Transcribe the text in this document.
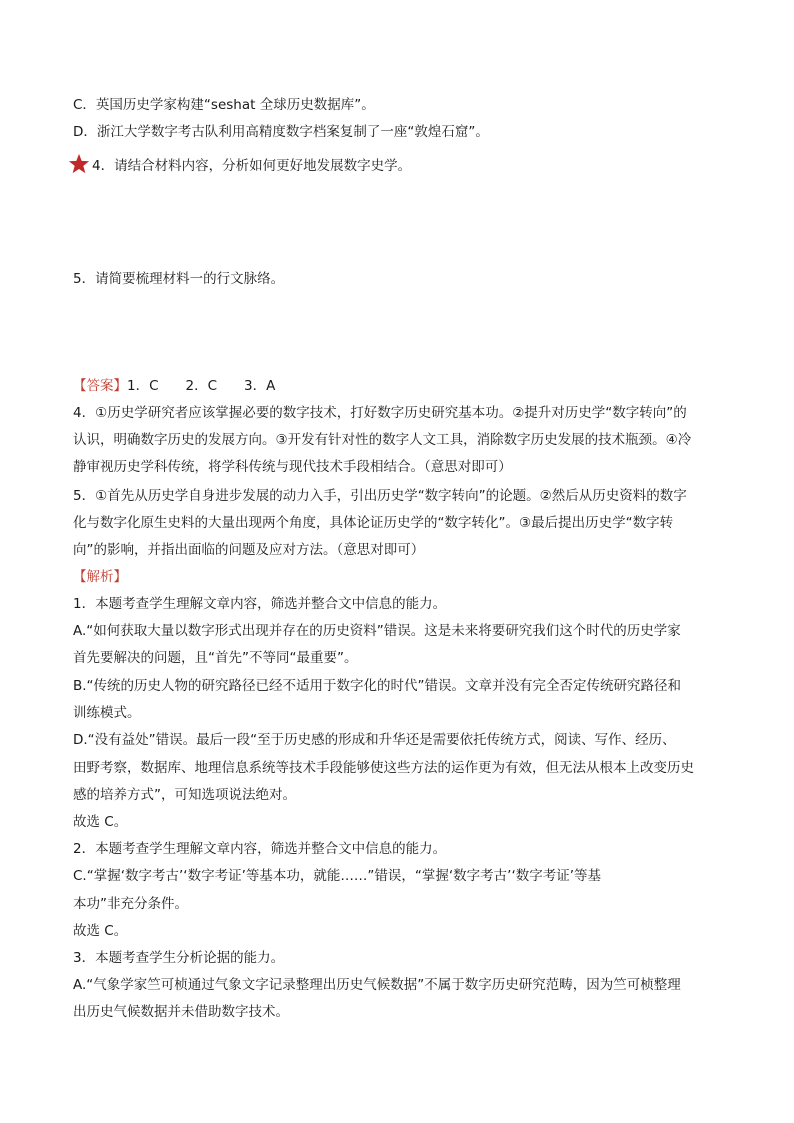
C．英国历史学家构建“seshat 全球历史数据库”。
D．浙江大学数字考古队利用高精度数字档案复制了一座“敦煌石窟”。
4．请结合材料内容，分析如何更好地发展数字史学。
5．请简要梳理材料一的行文脉络。
【答案】1．C　　2．C　　3．A
4．①历史学研究者应该掌握必要的数字技术，打好数字历史研究基本功。②提升对历史学“数字转向”的
认识，明确数字历史的发展方向。③开发有针对性的数字人文工具，消除数字历史发展的技术瓶颈。④冷
静审视历史学科传统，将学科传统与现代技术手段相结合。（意思对即可）
5．①首先从历史学自身进步发展的动力入手，引出历史学“数字转向”的论题。②然后从历史资料的数字
化与数字化原生史料的大量出现两个角度，具体论证历史学的“数字转化”。③最后提出历史学“数字转
向”的影响，并指出面临的问题及应对方法。（意思对即可）
【解析】
1．本题考查学生理解文章内容，筛选并整合文中信息的能力。
A.“如何获取大量以数字形式出现并存在的历史资料”错误。这是未来将要研究我们这个时代的历史学家
首先要解决的问题，且“首先”不等同“最重要”。
B.“传统的历史人物的研究路径已经不适用于数字化的时代”错误。文章并没有完全否定传统研究路径和
训练模式。
D.“没有益处”错误。最后一段“至于历史感的形成和升华还是需要依托传统方式，阅读、写作、经历、
田野考察，数据库、地理信息系统等技术手段能够使这些方法的运作更为有效，但无法从根本上改变历史
感的培养方式”，可知选项说法绝对。
故选 C。
2．本题考查学生理解文章内容，筛选并整合文中信息的能力。
C.“掌握‘数字考古’‘数字考证’等基本功，就能……”错误，“掌握‘数字考古’‘数字考证’等基
本功”非充分条件。
故选 C。
3．本题考查学生分析论据的能力。
A.“气象学家竺可桢通过气象文字记录整理出历史气候数据”不属于数字历史研究范畴，因为竺可桢整理
出历史气候数据并未借助数字技术。
